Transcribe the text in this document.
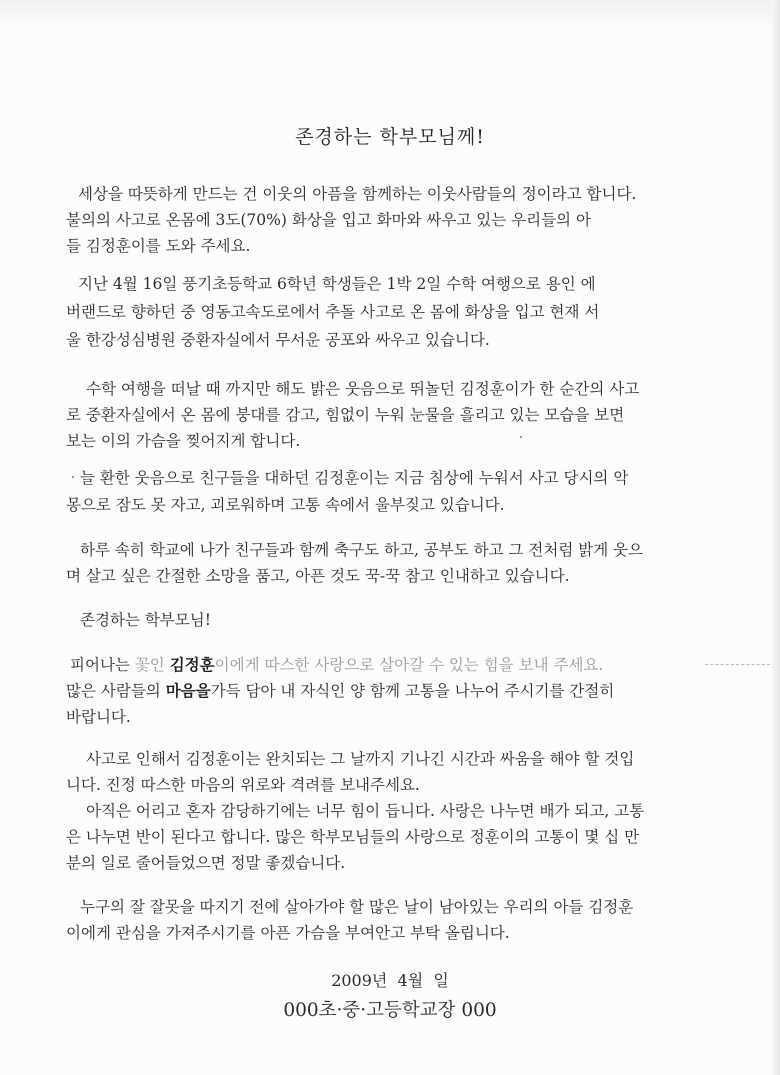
존경하는 학부모님께!
세상을 따뜻하게 만드는 건 이웃의 아픔을 함께하는 이웃사람들의 정이라고 합니다.
불의의 사고로 온몸에 3도(70%) 화상을 입고 화마와 싸우고 있는 우리들의 아
들 김정훈이를 도와 주세요.
지난 4월 16일 풍기초등학교 6학년 학생들은 1박 2일 수학 여행으로 용인 에
버랜드로 향하던 중 영동고속도로에서 추돌 사고로 온 몸에 화상을 입고 현재 서
울 한강성심병원 중환자실에서 무서운 공포와 싸우고 있습니다.
수학 여행을 떠날 때 까지만 해도 밝은 웃음으로 뛰놀던 김정훈이가 한 순간의 사고
로 중환자실에서 온 몸에 붕대를 감고, 힘없이 누워 눈물을 흘리고 있는 모습을 보면
보는 이의 가슴을 찢어지게 합니다.
늘 환한 웃음으로 친구들을 대하던 김정훈이는 지금 침상에 누워서 사고 당시의 악
몽으로 잠도 못 자고, 괴로워하며 고통 속에서 울부짖고 있습니다.
하루 속히 학교에 나가 친구들과 함께 축구도 하고, 공부도 하고 그 전처럼 밝게 웃으
며 살고 싶은 간절한 소망을 품고, 아픈 것도 꾹-꾹 참고 인내하고 있습니다.
존경하는 학부모님!
피어나는 꽃인 김정훈이에게 따스한 사랑으로 살아갈 수 있는 힘을 보내 주세요.
많은 사람들의 마음을가득 담아 내 자식인 양 함께 고통을 나누어 주시기를 간절히
바랍니다.
사고로 인해서 김정훈이는 완치되는 그 날까지 기나긴 시간과 싸움을 해야 할 것입
니다. 진정 따스한 마음의 위로와 격려를 보내주세요.
아직은 어리고 혼자 감당하기에는 너무 힘이 듭니다. 사랑은 나누면 배가 되고, 고통
은 나누면 반이 된다고 합니다. 많은 학부모님들의 사랑으로 정훈이의 고통이 몇 십 만
분의 일로 줄어들었으면 정말 좋겠습니다.
누구의 잘 잘못을 따지기 전에 살아가야 할 많은 날이 남아있는 우리의 아들 김정훈
이에게 관심을 가져주시기를 아픈 가슴을 부여안고 부탁 올립니다.
2009년  4월  일
000초·중·고등학교장 000
